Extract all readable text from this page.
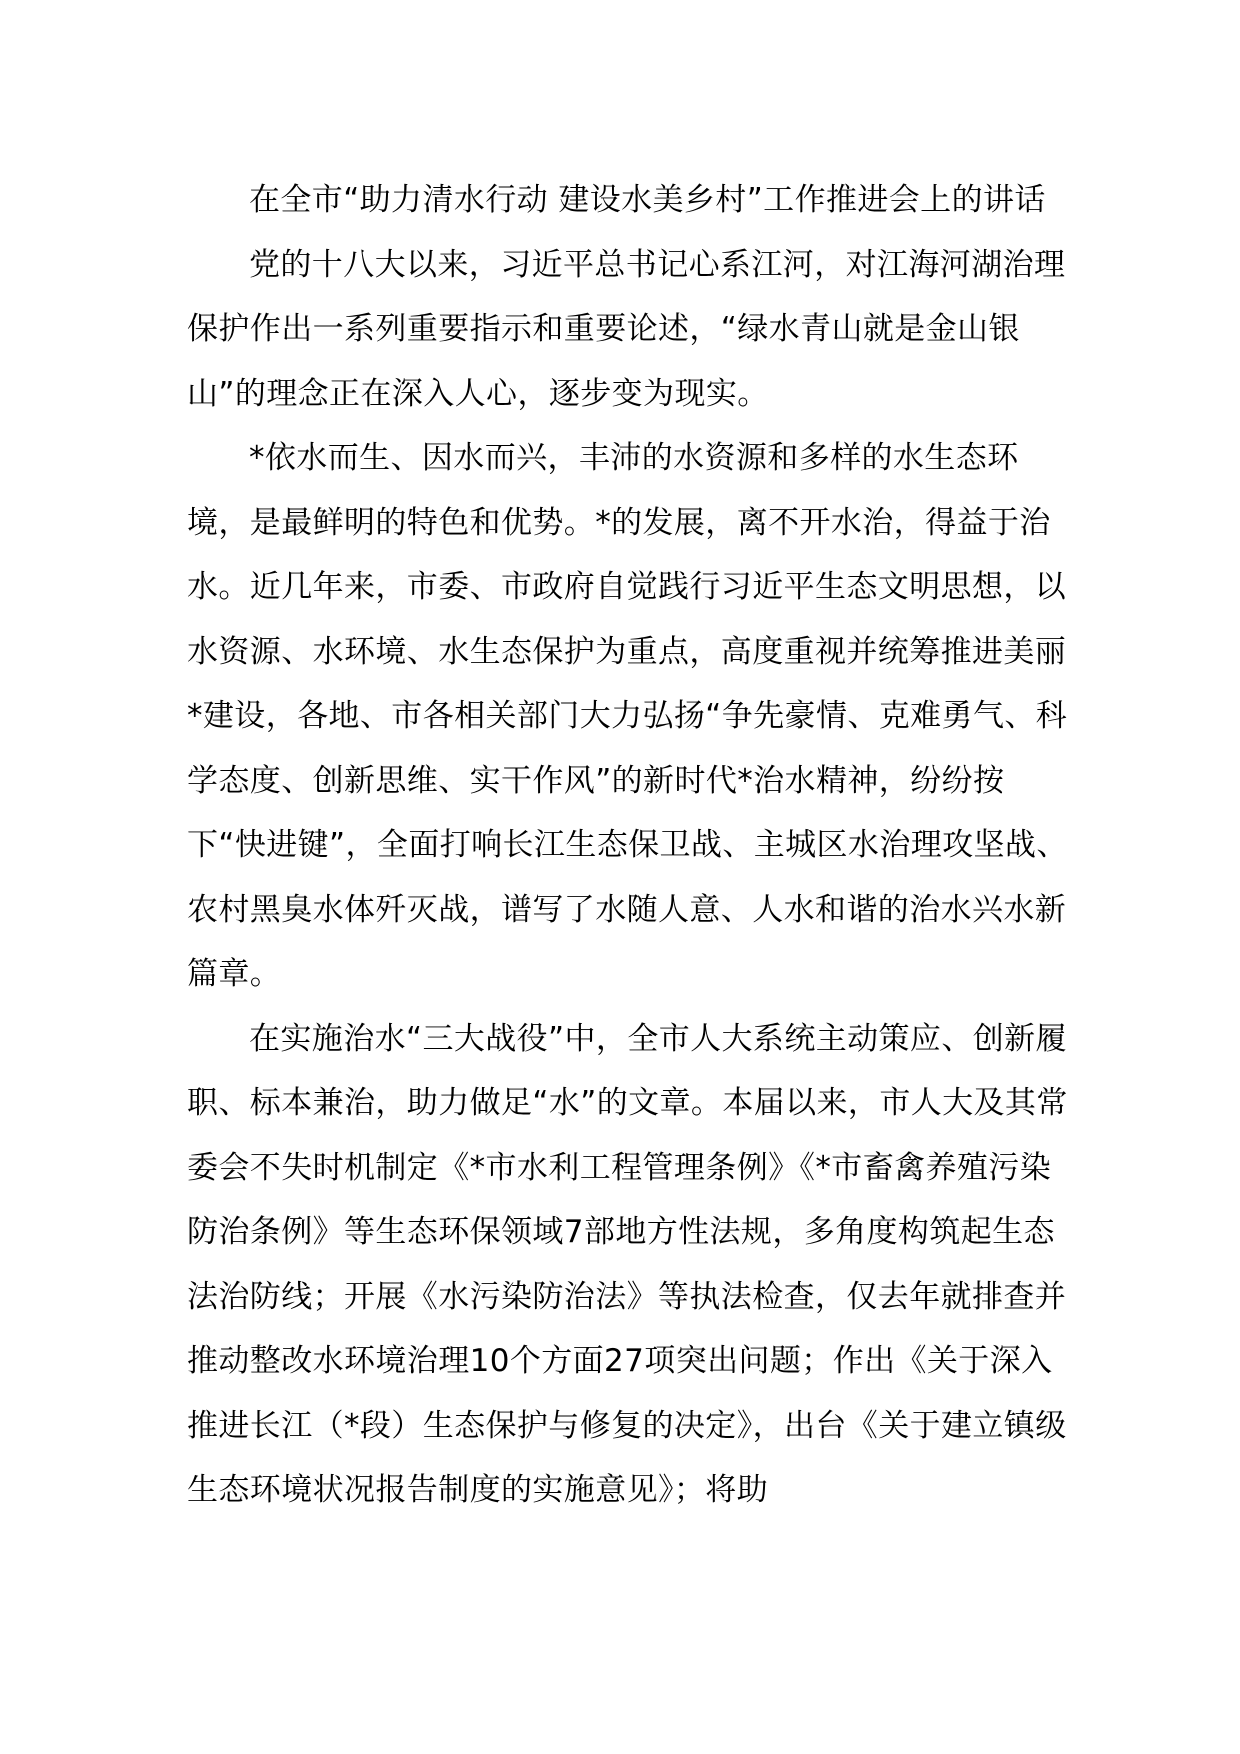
在全市“助力清水行动 建设水美乡村”工作推进会上的讲话

党的十八大以来，习近平总书记心系江河，对江海河湖治理保护作出一系列重要指示和重要论述，“绿水青山就是金山银山”的理念正在深入人心，逐步变为现实。

*依水而生、因水而兴，丰沛的水资源和多样的水生态环境，是最鲜明的特色和优势。*的发展，离不开水治，得益于治水。近几年来，市委、市政府自觉践行习近平生态文明思想，以水资源、水环境、水生态保护为重点，高度重视并统筹推进美丽*建设，各地、市各相关部门大力弘扬“争先豪情、克难勇气、科学态度、创新思维、实干作风”的新时代*治水精神，纷纷按下“快进键”，全面打响长江生态保卫战、主城区水治理攻坚战、农村黑臭水体歼灭战，谱写了水随人意、人水和谐的治水兴水新篇章。

在实施治水“三大战役”中，全市人大系统主动策应、创新履职、标本兼治，助力做足“水”的文章。本届以来，市人大及其常委会不失时机制定《*市水利工程管理条例》《*市畜禽养殖污染防治条例》等生态环保领域7部地方性法规，多角度构筑起生态法治防线；开展《水污染防治法》等执法检查，仅去年就排查并推动整改水环境治理10个方面27项突出问题；作出《关于深入推进长江（*段）生态保护与修复的决定》，出台《关于建立镇级生态环境状况报告制度的实施意见》；将助
